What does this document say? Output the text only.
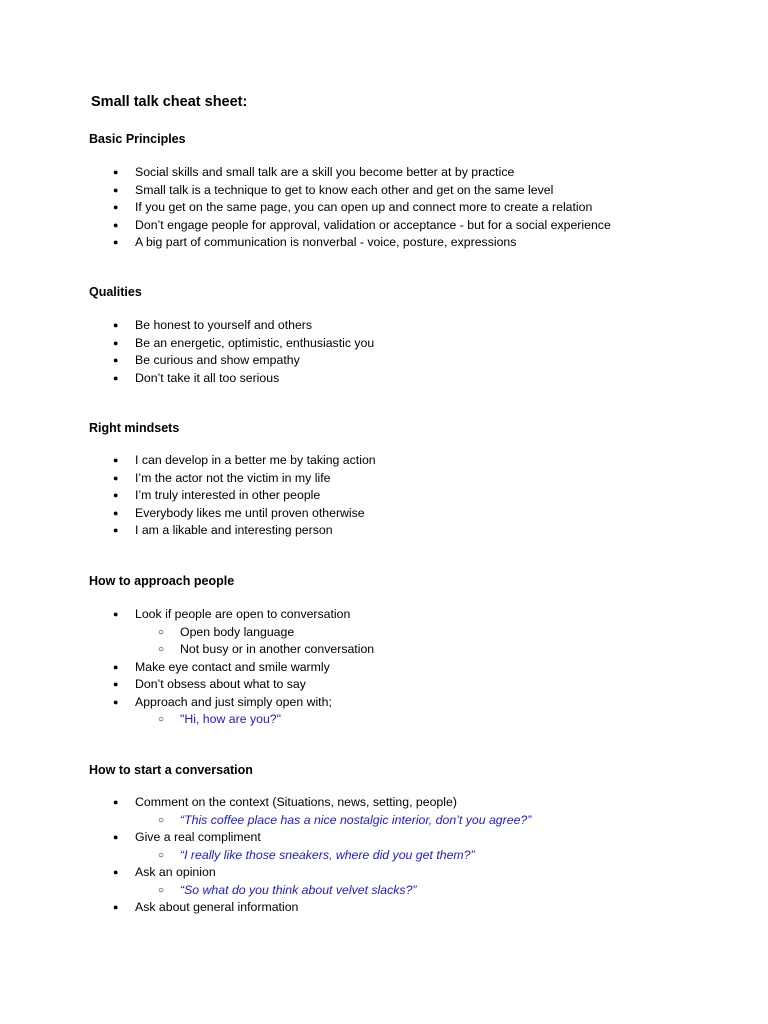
Small talk cheat sheet:
Basic Principles
● Social skills and small talk are a skill you become better at by practice
● Small talk is a technique to get to know each other and get on the same level
● If you get on the same page, you can open up and connect more to create a relation
● Don’t engage people for approval, validation or acceptance - but for a social experience
● A big part of communication is nonverbal - voice, posture, expressions
Qualities
● Be honest to yourself and others
● Be an energetic, optimistic, enthusiastic you
● Be curious and show empathy
● Don’t take it all too serious
Right mindsets
● I can develop in a better me by taking action
● I’m the actor not the victim in my life
● I’m truly interested in other people
● Everybody likes me until proven otherwise
● I am a likable and interesting person
How to approach people
● Look if people are open to conversation
○ Open body language
○ Not busy or in another conversation
● Make eye contact and smile warmly
● Don’t obsess about what to say
● Approach and just simply open with;
○ "Hi, how are you?"
How to start a conversation
● Comment on the context (Situations, news, setting, people)
○ “This coffee place has a nice nostalgic interior, don’t you agree?”
● Give a real compliment
○ “I really like those sneakers, where did you get them?”
● Ask an opinion
○ “So what do you think about velvet slacks?”
● Ask about general information
